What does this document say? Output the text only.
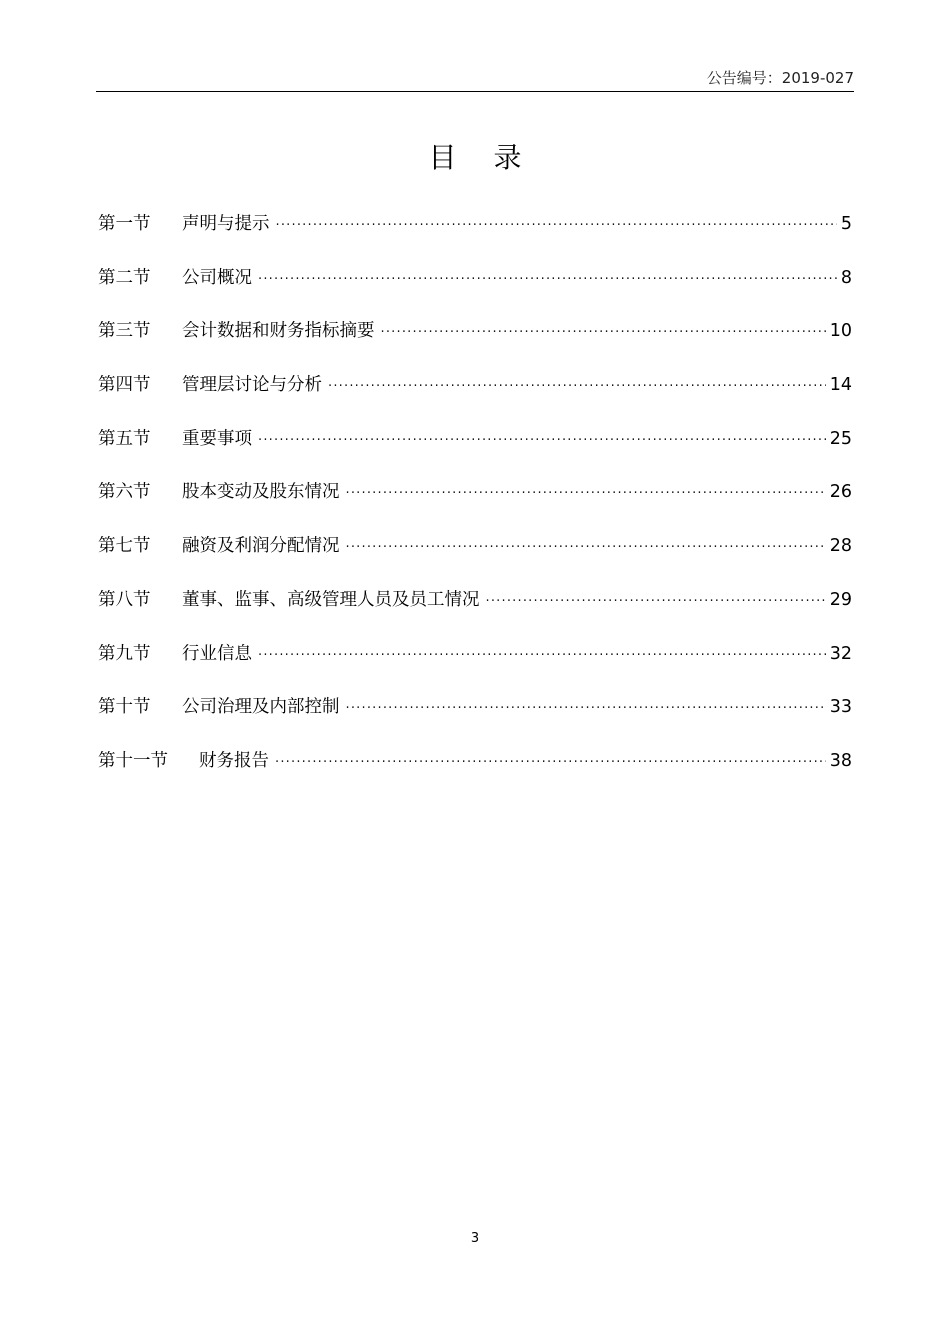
公告编号：2019-027
目 录
第一节	声明与提示 .....	5
第二节	公司概况 .....	8
第三节	会计数据和财务指标摘要 .....	10
第四节	管理层讨论与分析 .....	14
第五节	重要事项 .....	25
第六节	股本变动及股东情况 .....	26
第七节	融资及利润分配情况 .....	28
第八节	董事、监事、高级管理人员及员工情况 .....	29
第九节	行业信息 .....	32
第十节	公司治理及内部控制 .....	33
第十一节	财务报告 .....	38
3
